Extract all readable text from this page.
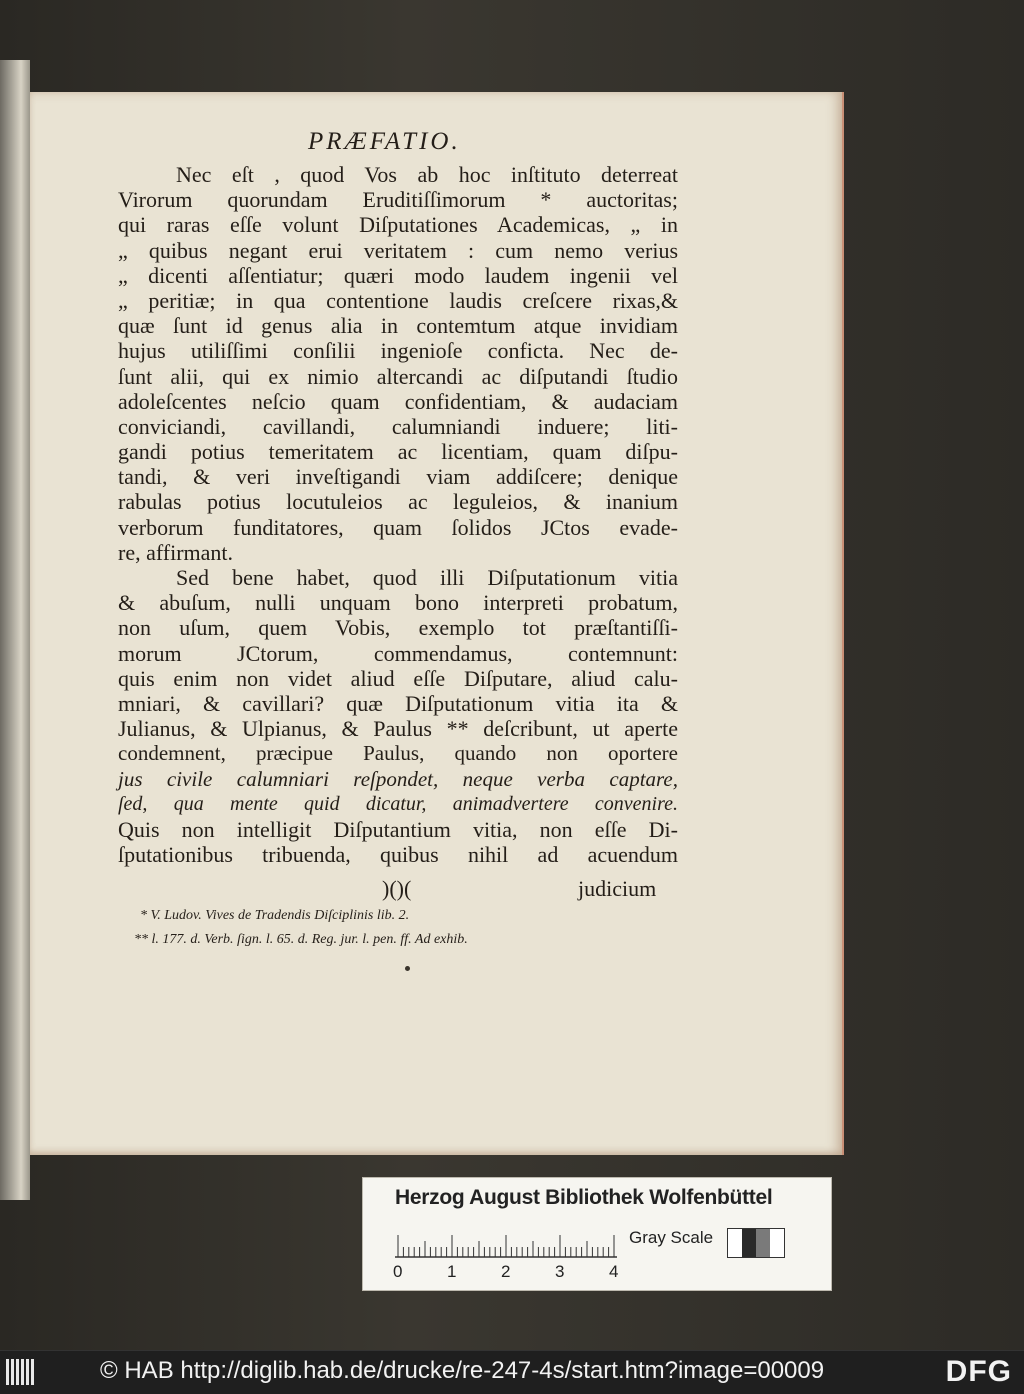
PRÆFATIO.
Nec eſt , quod Vos ab hoc inſtituto deterreat
Virorum quorundam Eruditiſſimorum * auctoritas;
qui raras eſſe volunt Diſputationes Academicas, „ in
„ quibus negant erui veritatem : cum nemo verius
„ dicenti aſſentiatur; quæri modo laudem ingenii vel
„ peritiæ; in qua contentione laudis creſcere rixas,&
quæ ſunt id genus alia in contemtum atque invidiam
hujus utiliſſimi conſilii ingenioſe conficta. Nec de-
ſunt alii, qui ex nimio altercandi ac diſputandi ſtudio
adoleſcentes neſcio quam confidentiam, & audaciam
conviciandi, cavillandi, calumniandi induere; liti-
gandi potius temeritatem ac licentiam, quam diſpu-
tandi, & veri inveſtigandi viam addiſcere; denique
rabulas potius locutuleios ac leguleios, & inanium
verborum funditatores, quam ſolidos JCtos evade-
re, affirmant.
Sed bene habet, quod illi Diſputationum vitia
& abuſum, nulli unquam bono interpreti probatum,
non uſum, quem Vobis, exemplo tot præſtantiſſi-
morum JCtorum, commendamus, contemnunt:
quis enim non videt aliud eſſe Diſputare, aliud calu-
mniari, & cavillari? quæ Diſputationum vitia ita &
Julianus, & Ulpianus, & Paulus ** deſcribunt, ut aperte
condemnent, præcipue Paulus, quando non oportere
jus civile calumniari reſpondet, neque verba captare,
ſed, qua mente quid dicatur, animadvertere convenire.
Quis non intelligit Diſputantium vitia, non eſſe Di-
ſputationibus tribuenda, quibus nihil ad acuendum
)()(	judicium
* V. Ludov. Vives de Tradendis Diſciplinis lib. 2.
** l. 177. d. Verb. ſign. l. 65. d. Reg. jur. l. pen. ff. Ad exhib.
Herzog August Bibliothek Wolfenbüttel
Gray Scale
0	1	2	3	4
© HAB http://diglib.hab.de/drucke/re-247-4s/start.htm?image=00009	DFG
